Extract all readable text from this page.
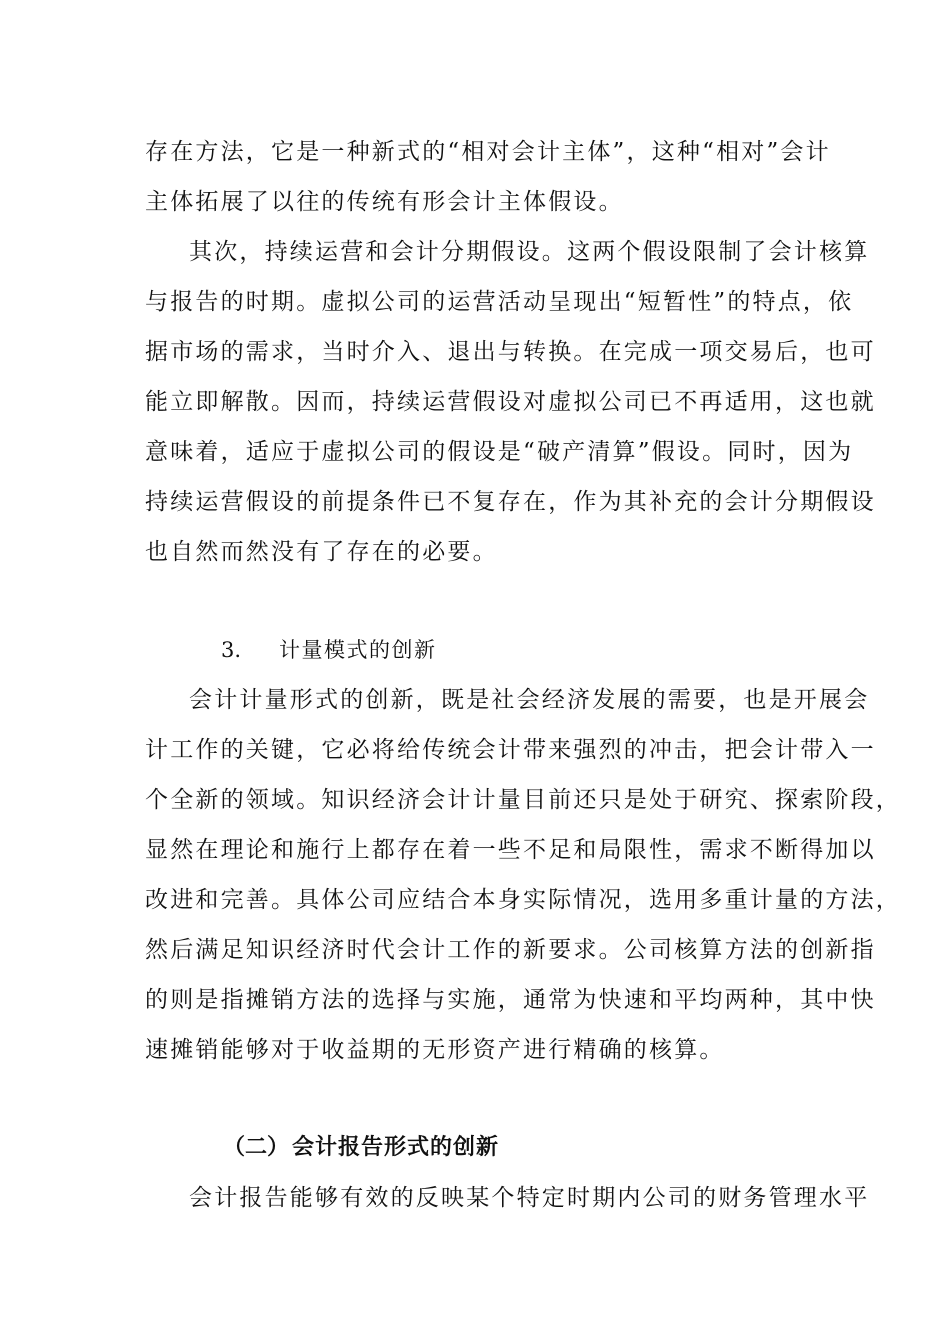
存在方法，它是一种新式的“相对会计主体”，这种“相对”会计
主体拓展了以往的传统有形会计主体假设。
其次，持续运营和会计分期假设。这两个假设限制了会计核算
与报告的时期。虚拟公司的运营活动呈现出“短暂性”的特点，依
据市场的需求，当时介入、退出与转换。在完成一项交易后，也可
能立即解散。因而，持续运营假设对虚拟公司已不再适用，这也就
意味着，适应于虚拟公司的假设是“破产清算”假设。同时，因为
持续运营假设的前提条件已不复存在，作为其补充的会计分期假设
也自然而然没有了存在的必要。
3. 计量模式的创新
会计计量形式的创新，既是社会经济发展的需要，也是开展会
计工作的关键，它必将给传统会计带来强烈的冲击，把会计带入一
个全新的领域。知识经济会计计量目前还只是处于研究、探索阶段，
显然在理论和施行上都存在着一些不足和局限性，需求不断得加以
改进和完善。具体公司应结合本身实际情况，选用多重计量的方法，
然后满足知识经济时代会计工作的新要求。公司核算方法的创新指
的则是指摊销方法的选择与实施，通常为快速和平均两种，其中快
速摊销能够对于收益期的无形资产进行精确的核算。
（二） 会计报告形式的创新
会计报告能够有效的反映某个特定时期内公司的财务管理水平
